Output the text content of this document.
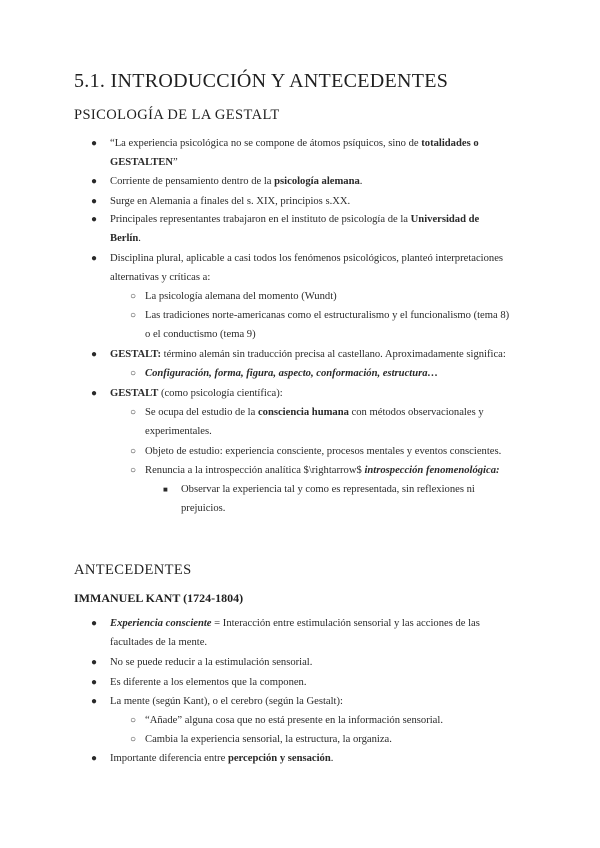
5.1. INTRODUCCIÓN Y ANTECEDENTES
PSICOLOGÍA DE LA GESTALT
● “La experiencia psicológica no se compone de átomos psíquicos, sino de totalidades o
GESTALTEN”
● Corriente de pensamiento dentro de la psicología alemana.
● Surge en Alemania a finales del s. XIX, principios s.XX.
● Principales representantes trabajaron en el instituto de psicología de la Universidad de
Berlín.
● Disciplina plural, aplicable a casi todos los fenómenos psicológicos, planteó interpretaciones
alternativas y críticas a:
○ La psicología alemana del momento (Wundt)
○ Las tradiciones norte-americanas como el estructuralismo y el funcionalismo (tema 8)
o el conductismo (tema 9)
● GESTALT: término alemán sin traducción precisa al castellano. Aproximadamente significa:
○ Configuración, forma, figura, aspecto, conformación, estructura…
● GESTALT (como psicología científica):
○ Se ocupa del estudio de la consciencia humana con métodos observacionales y
experimentales.
○ Objeto de estudio: experiencia consciente, procesos mentales y eventos conscientes.
○ Renuncia a la introspección analítica $\rightarrow$ introspección fenomenológica:
■ Observar la experiencia tal y como es representada, sin reflexiones ni
prejuicios.
ANTECEDENTES
IMMANUEL KANT (1724-1804)
● Experiencia consciente = Interacción entre estimulación sensorial y las acciones de las
facultades de la mente.
● No se puede reducir a la estimulación sensorial.
● Es diferente a los elementos que la componen.
● La mente (según Kant), o el cerebro (según la Gestalt):
○ “Añade” alguna cosa que no está presente en la información sensorial.
○ Cambia la experiencia sensorial, la estructura, la organiza.
● Importante diferencia entre percepción y sensación.
